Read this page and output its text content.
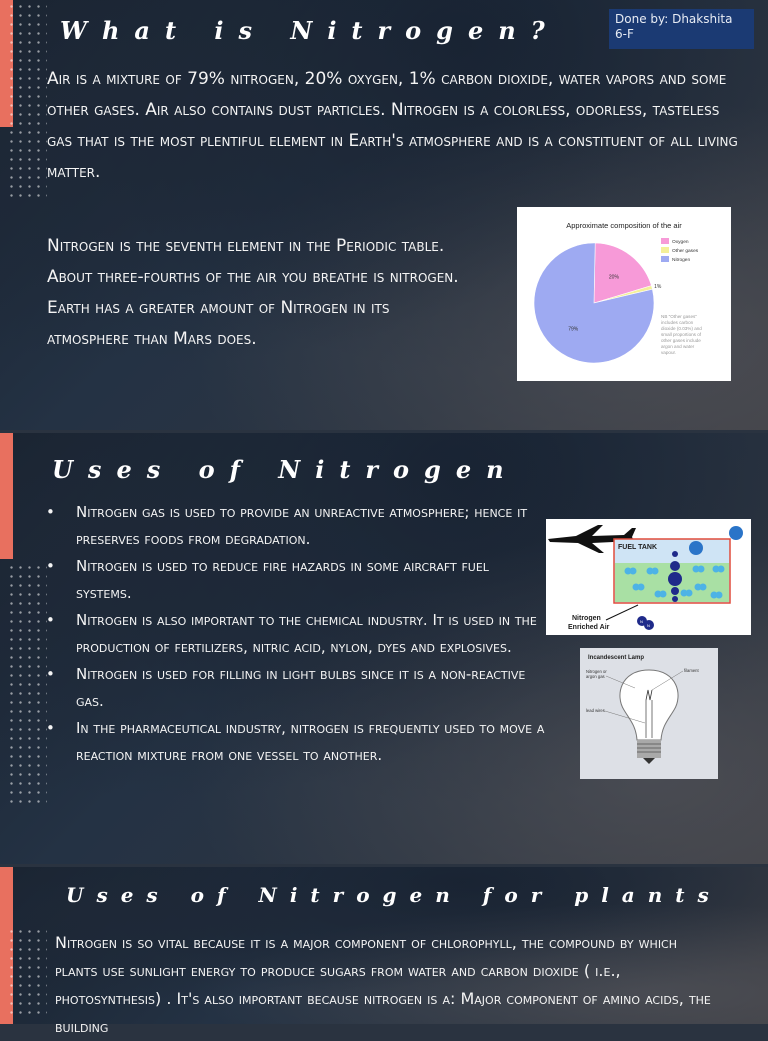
What is Nitrogen?	Done by: Dhakshita 6-F

Air is a mixture of 79% nitrogen, 20% oxygen, 1% carbon dioxide, water vapors and some other gases. Air also contains dust particles. Nitrogen is a colorless, odorless, tasteless gas that is the most plentiful element in Earth's atmosphere and is a constituent of all living matter.

Nitrogen is the seventh element in the Periodic table. About three-fourths of the air you breathe is nitrogen. Earth has a greater amount of Nitrogen in its atmosphere than Mars does.

Approximate composition of the air
20%
1%
79%
Oxygen
Other gases
Nitrogen
NB "Other gases" includes carbon dioxide (0.03%) and small proportions of other gases include argon and water vapour.
Uses of Nitrogen
• Nitrogen gas is used to provide an unreactive atmosphere; hence it preserves foods from degradation.
• Nitrogen is used to reduce fire hazards in some aircraft fuel systems.
• Nitrogen is also important to the chemical industry. It is used in the production of fertilizers, nitric acid, nylon, dyes and explosives.
• Nitrogen is used for filling in light bulbs since it is a non-reactive gas.
• In the pharmaceutical industry, nitrogen is frequently used to move a reaction mixture from one vessel to another.
FUEL TANK
N
N
Nitrogen Enriched Air
Incandescent Lamp
Nitrogen or argon gas
filament
lead wires
Uses of Nitrogen for plants

Nitrogen is so vital because it is a major component of chlorophyll, the compound by which plants use sunlight energy to produce sugars from water and carbon dioxide ( i.e., photosynthesis) . It's also important because nitrogen is a: Major component of amino acids, the building
